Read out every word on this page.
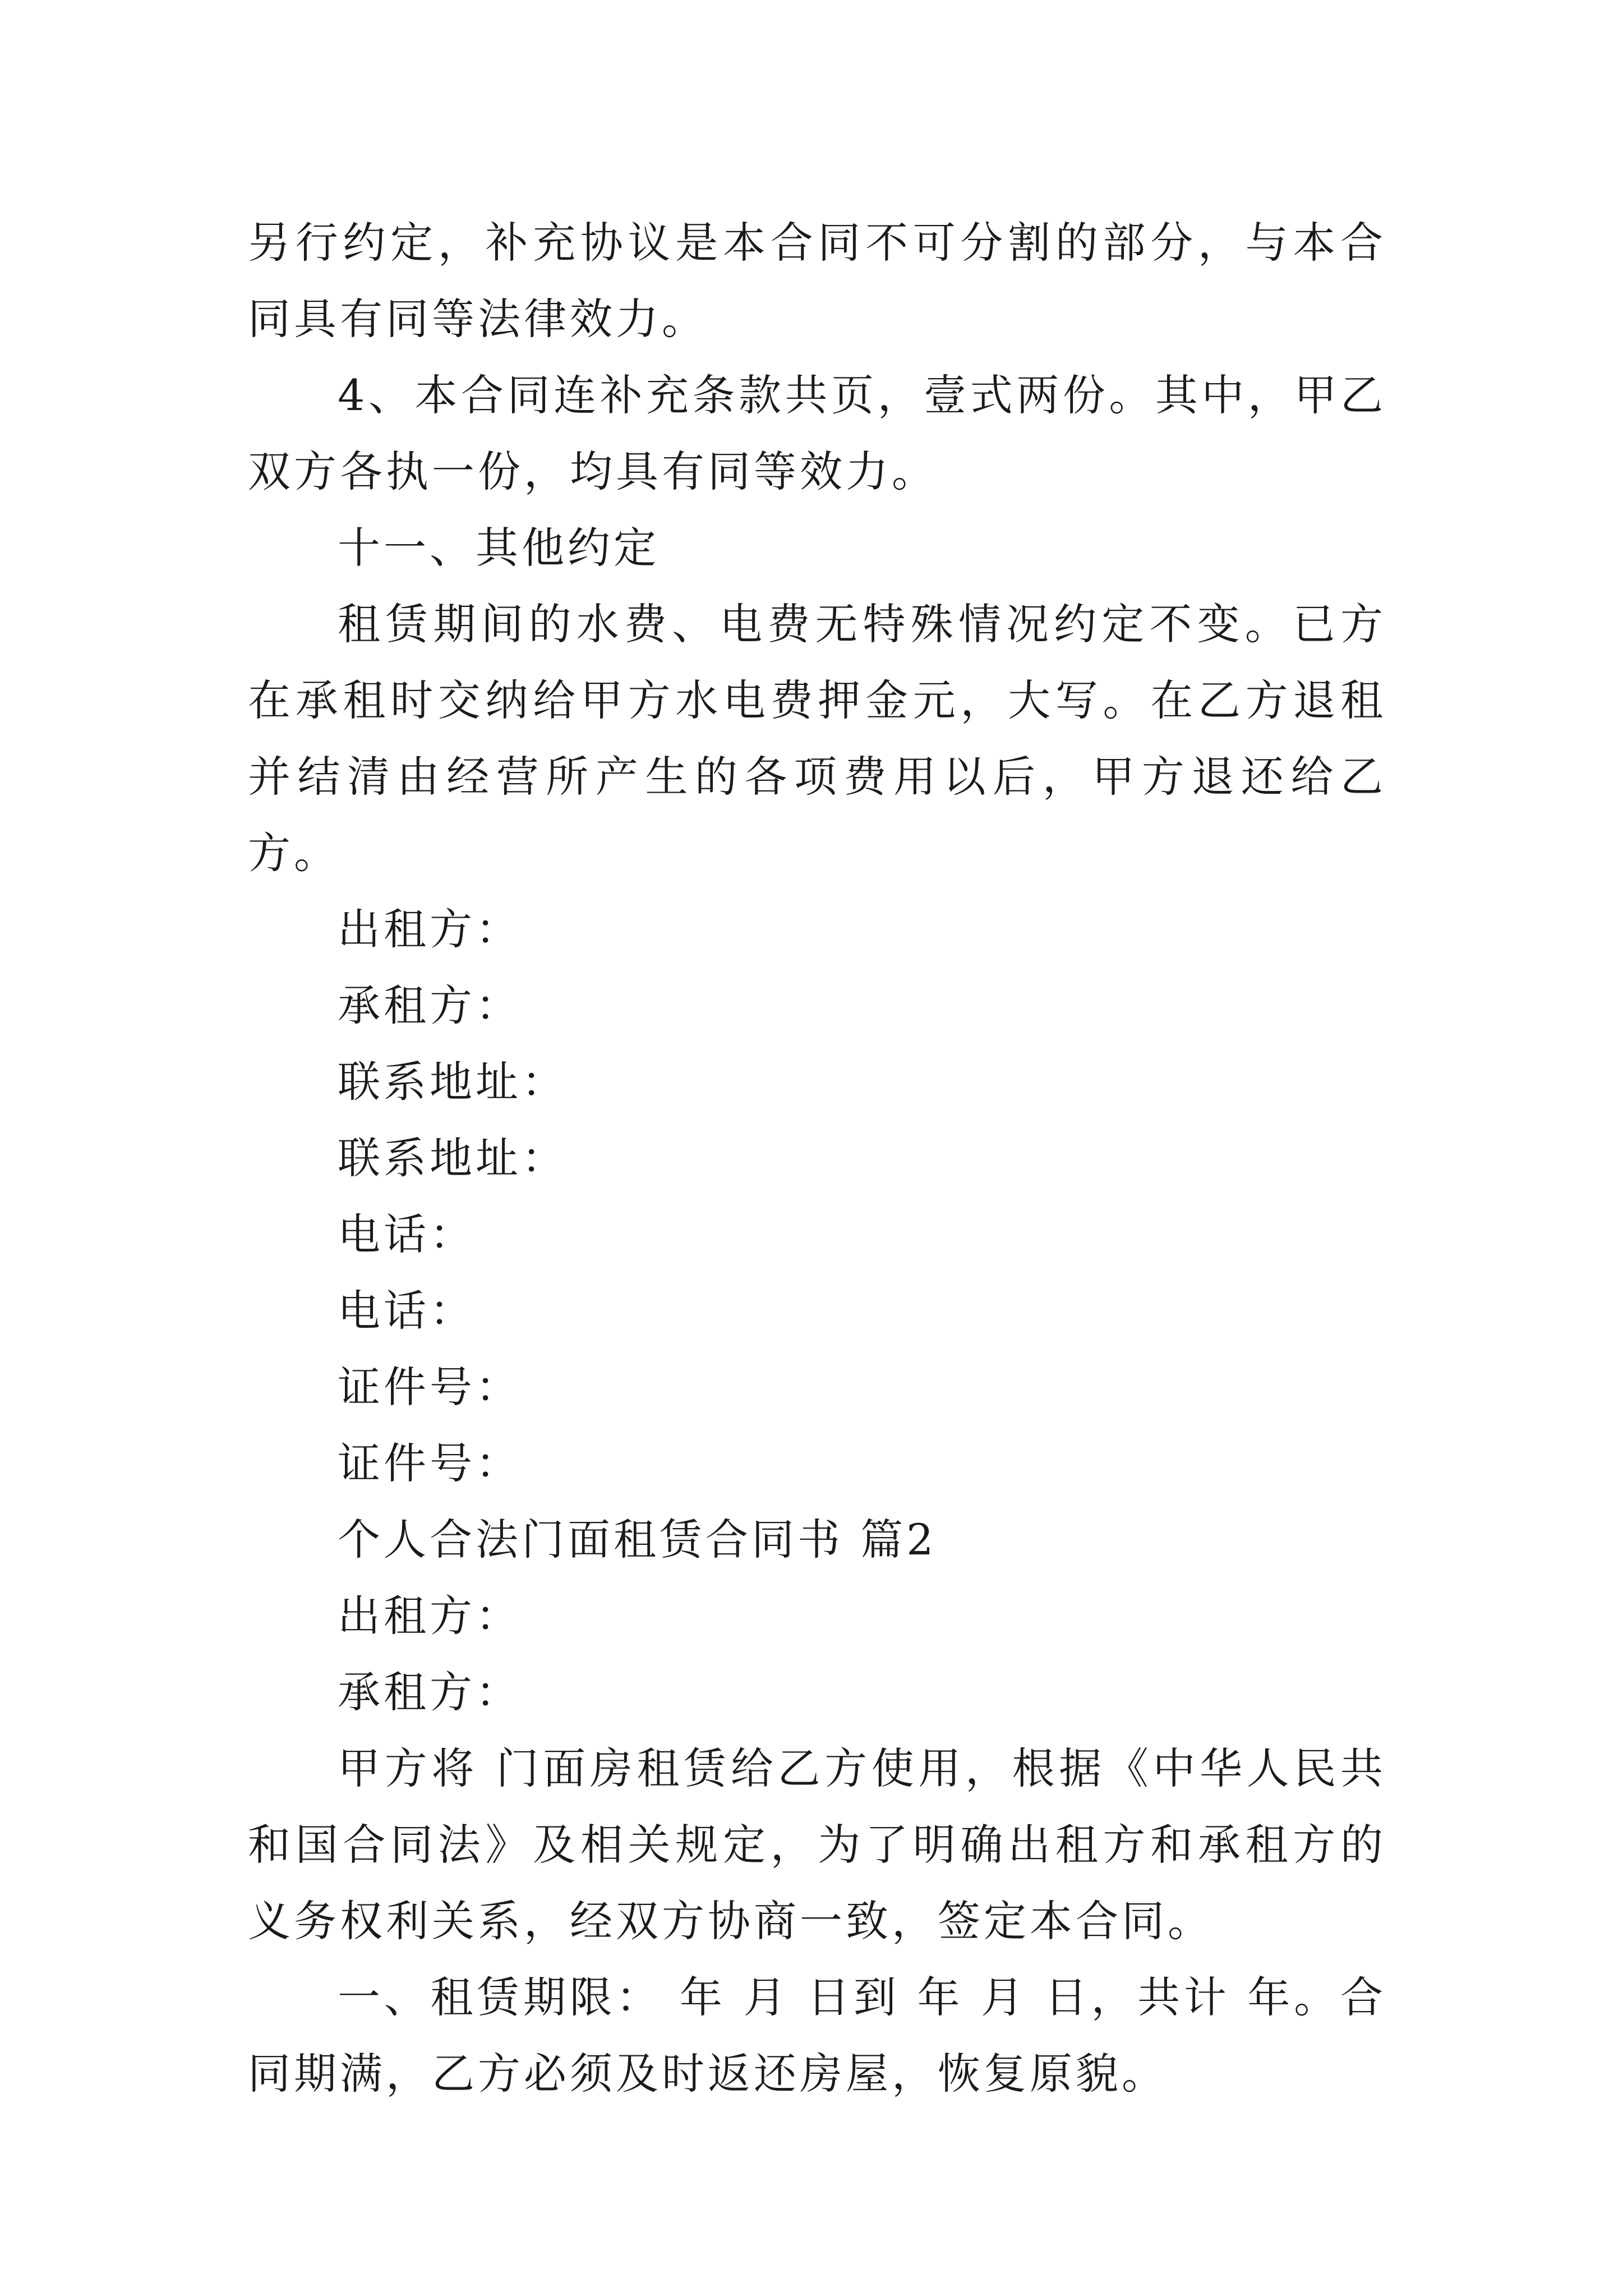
另行约定，补充协议是本合同不可分割的部分，与本合同具有同等法律效力。

4、本合同连补充条款共页，壹式两份。其中，甲乙双方各执一份，均具有同等效力。

十一、其他约定

租赁期间的水费、电费无特殊情况约定不变。已方在承租时交纳给甲方水电费押金元，大写。在乙方退租并结清由经营所产生的各项费用以后，甲方退还给乙方。

出租方：

承租方：

联系地址：

联系地址：

电话：

电话：

证件号：

证件号：

个人合法门面租赁合同书 篇2

出租方：

承租方：

甲方将 门面房租赁给乙方使用，根据《中华人民共和国合同法》及相关规定，为了明确出租方和承租方的义务权利关系，经双方协商一致，签定本合同。

一、租赁期限： 年 月 日到 年 月 日，共计 年。合同期满，乙方必须及时返还房屋，恢复原貌。
